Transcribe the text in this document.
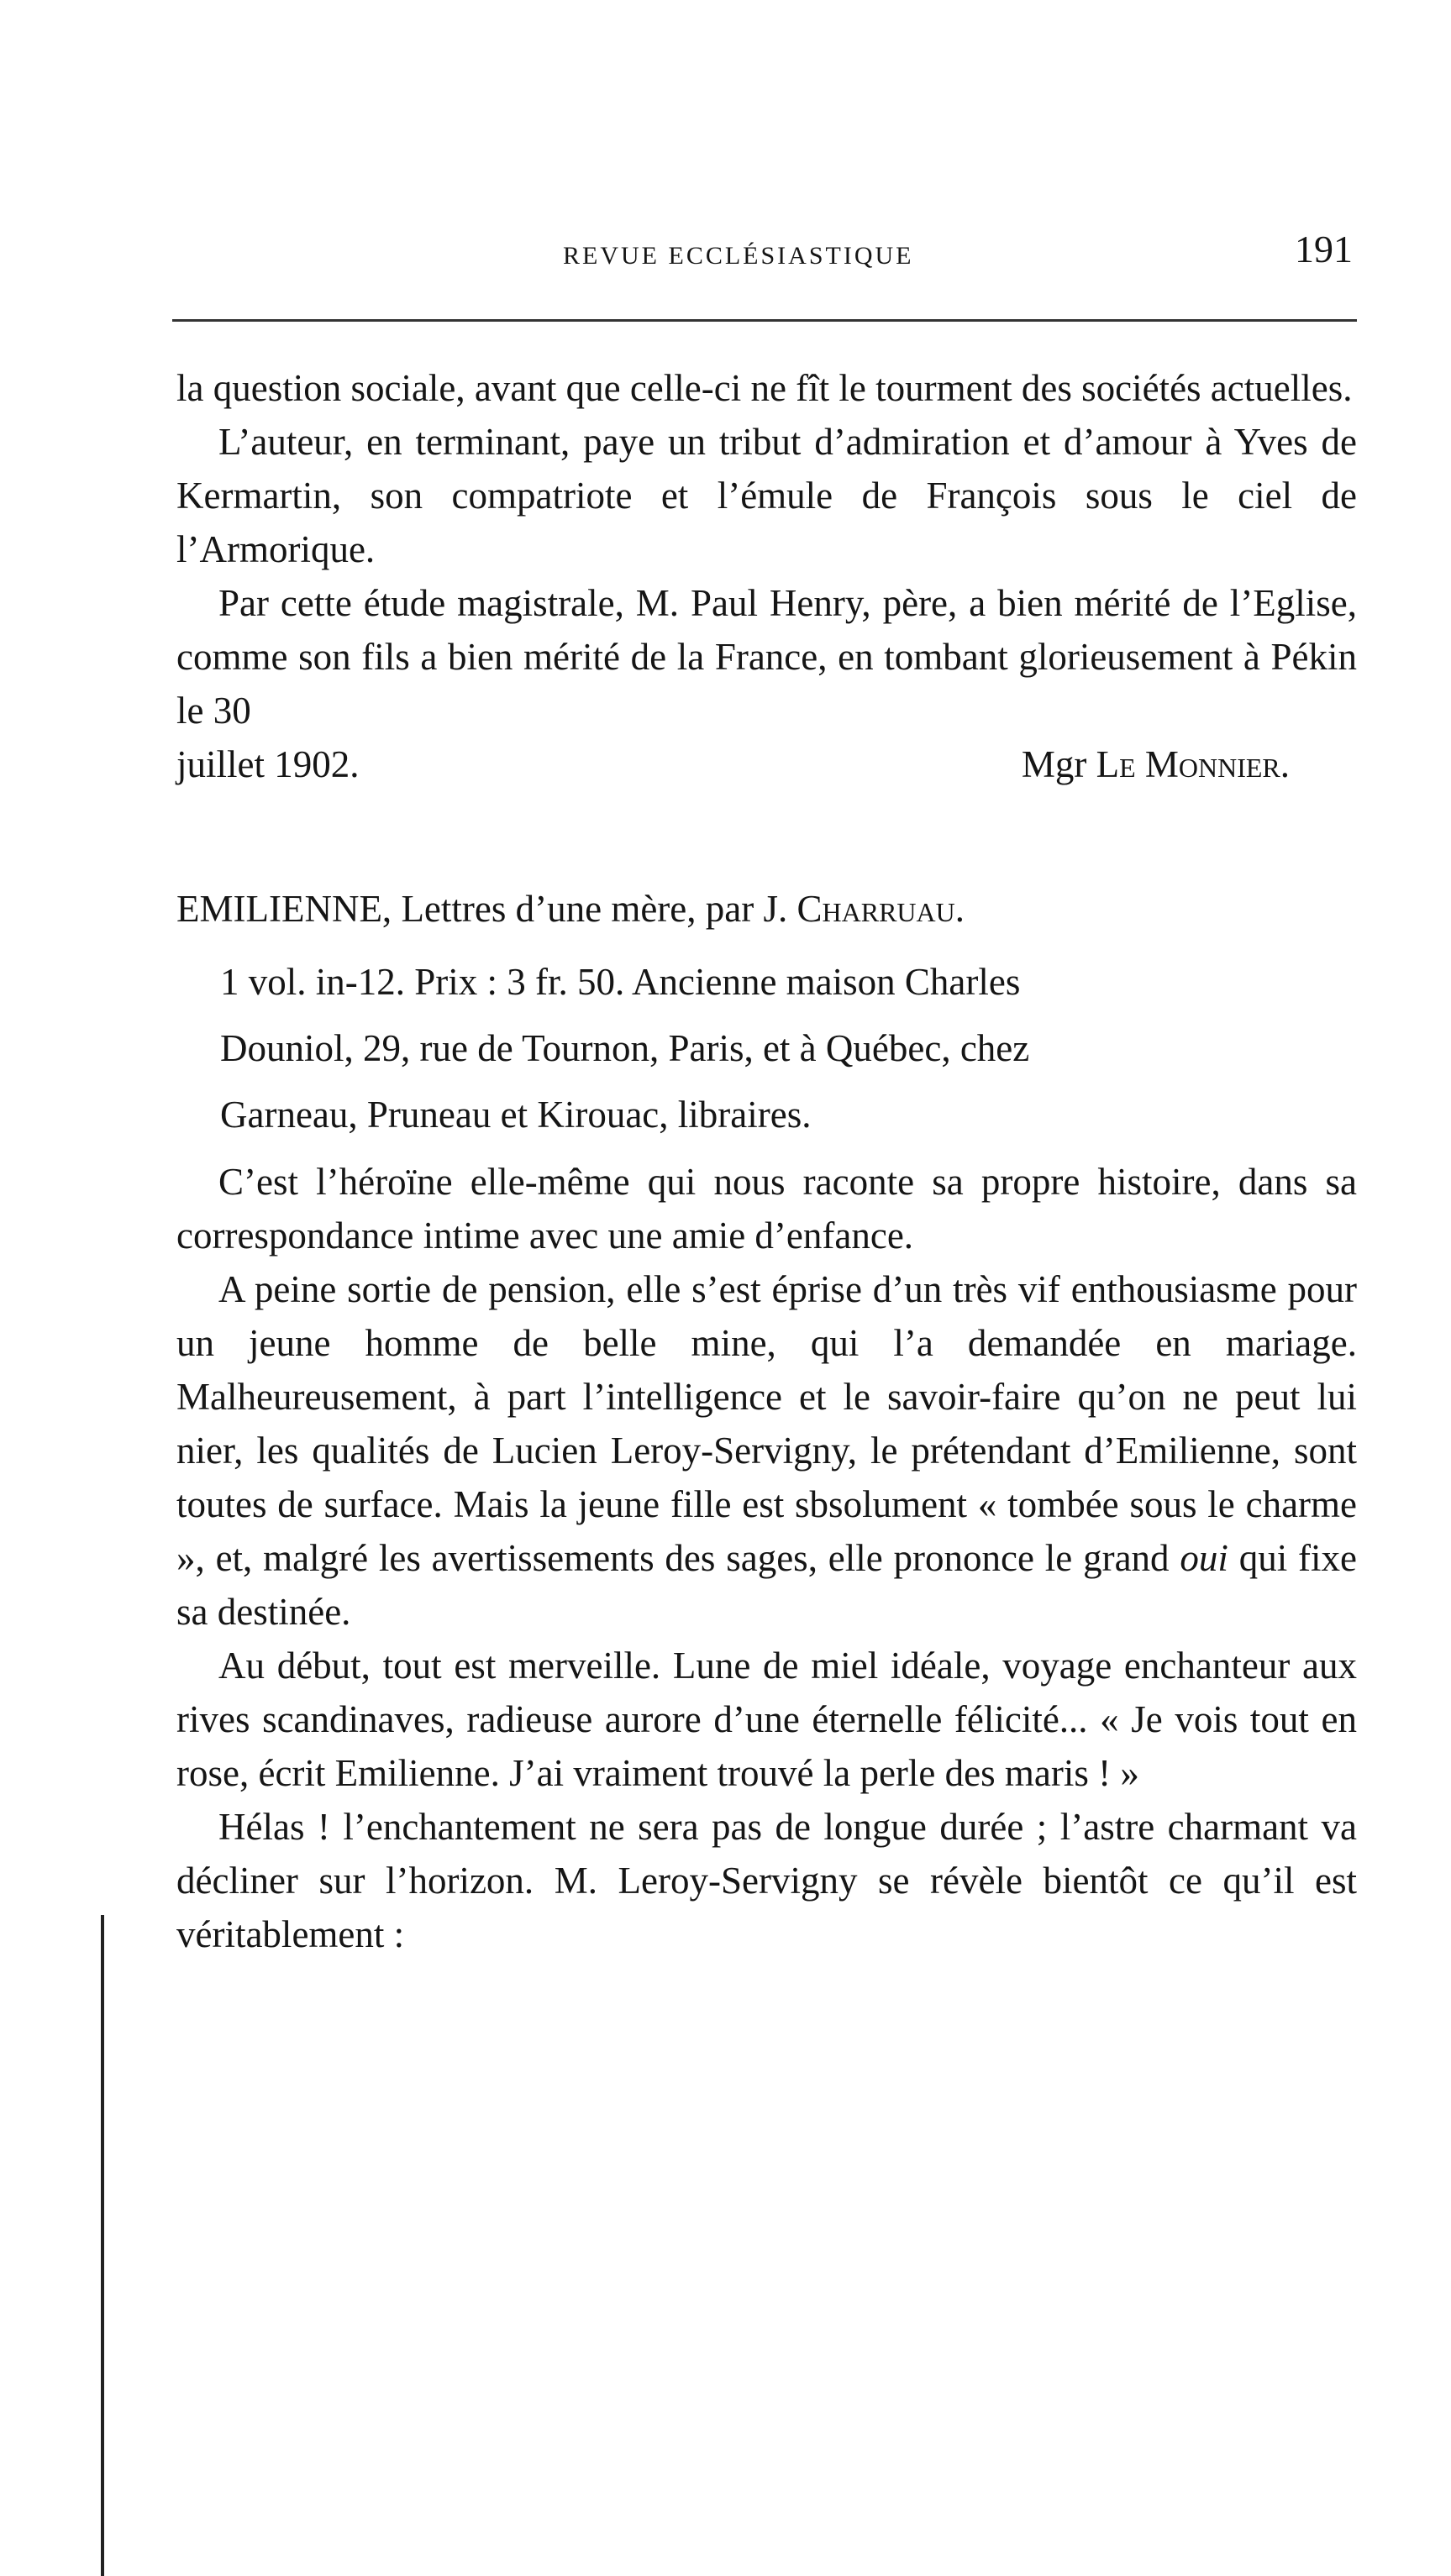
REVUE ECCLÉSIASTIQUE	191

la question sociale, avant que celle-ci ne fît le tourment des sociétés actuelles.

L’auteur, en terminant, paye un tribut d’admiration et d’amour à Yves de Kermartin, son compatriote et l’émule de François sous le ciel de l’Armorique.

Par cette étude magistrale, M. Paul Henry, père, a bien mérité de l’Eglise, comme son fils a bien mérité de la France, en tombant glorieusement à Pékin le 30

juillet 1902.	Mgr Le Monnier.
EMILIENNE, Lettres d’une mère, par J. Charruau.
1 vol. in-12. Prix : 3 fr. 50. Ancienne maison Charles
Douniol, 29, rue de Tournon, Paris, et à Québec, chez
Garneau, Pruneau et Kirouac, libraires.

C’est l’héroïne elle-même qui nous raconte sa propre histoire, dans sa correspondance intime avec une amie d’enfance.

A peine sortie de pension, elle s’est éprise d’un très vif enthousiasme pour un jeune homme de belle mine, qui l’a demandée en mariage. Malheureusement, à part l’intelligence et le savoir-faire qu’on ne peut lui nier, les qualités de Lucien Leroy-Servigny, le prétendant d’Emilienne, sont toutes de surface. Mais la jeune fille est sbsolument « tombée sous le charme », et, malgré les avertissements des sages, elle prononce le grand oui qui fixe sa destinée.

Au début, tout est merveille. Lune de miel idéale, voyage enchanteur aux rives scandinaves, radieuse aurore d’une éternelle félicité... « Je vois tout en rose, écrit Emilienne. J’ai vraiment trouvé la perle des maris ! »

Hélas ! l’enchantement ne sera pas de longue durée ; l’astre charmant va décliner sur l’horizon. M. Leroy-Servigny se révèle bientôt ce qu’il est véritablement :
